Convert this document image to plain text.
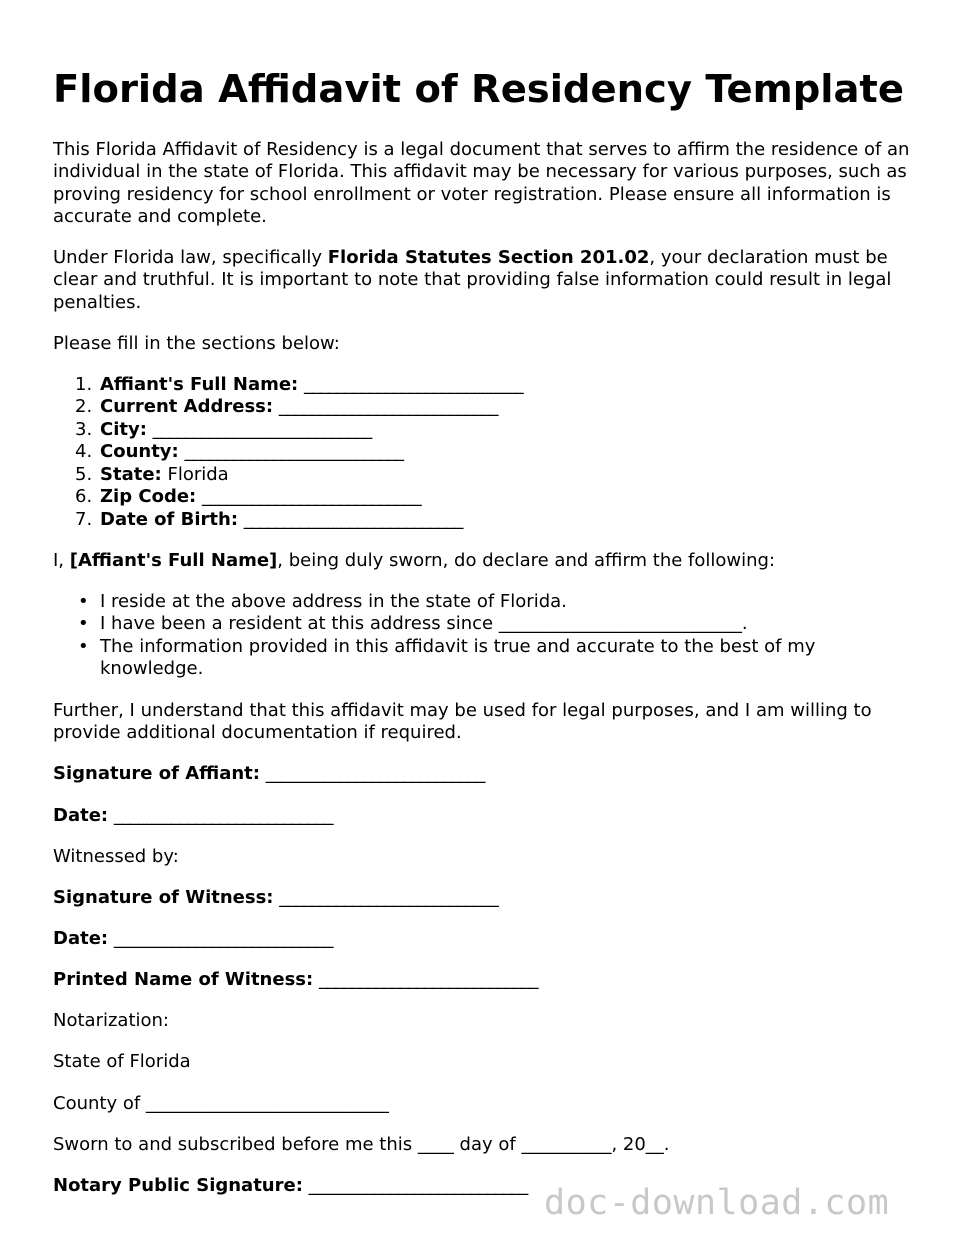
Florida Affidavit of Residency Template

This Florida Affidavit of Residency is a legal document that serves to affirm the residence of an individual in the state of Florida. This affidavit may be necessary for various purposes, such as proving residency for school enrollment or voter registration. Please ensure all information is accurate and complete.

Under Florida law, specifically Florida Statutes Section 201.02, your declaration must be clear and truthful. It is important to note that providing false information could result in legal penalties.

Please fill in the sections below:

1. Affiant's Full Name: ___________________________
2. Current Address: ___________________________
3. City: ___________________________
4. County: ___________________________
5. State: Florida
6. Zip Code: ___________________________
7. Date of Birth: ___________________________

I, [Affiant's Full Name], being duly sworn, do declare and affirm the following:

• I reside at the above address in the state of Florida.
• I have been a resident at this address since ___________________________.
• The information provided in this affidavit is true and accurate to the best of my knowledge.

Further, I understand that this affidavit may be used for legal purposes, and I am willing to provide additional documentation if required.

Signature of Affiant: ___________________________
Date: ___________________________
Witnessed by:
Signature of Witness: ___________________________
Date: ___________________________
Printed Name of Witness: ___________________________
Notarization:
State of Florida
County of ___________________________
Sworn to and subscribed before me this ____ day of __________, 20__.
Notary Public Signature: ___________________________ doc-download.com
